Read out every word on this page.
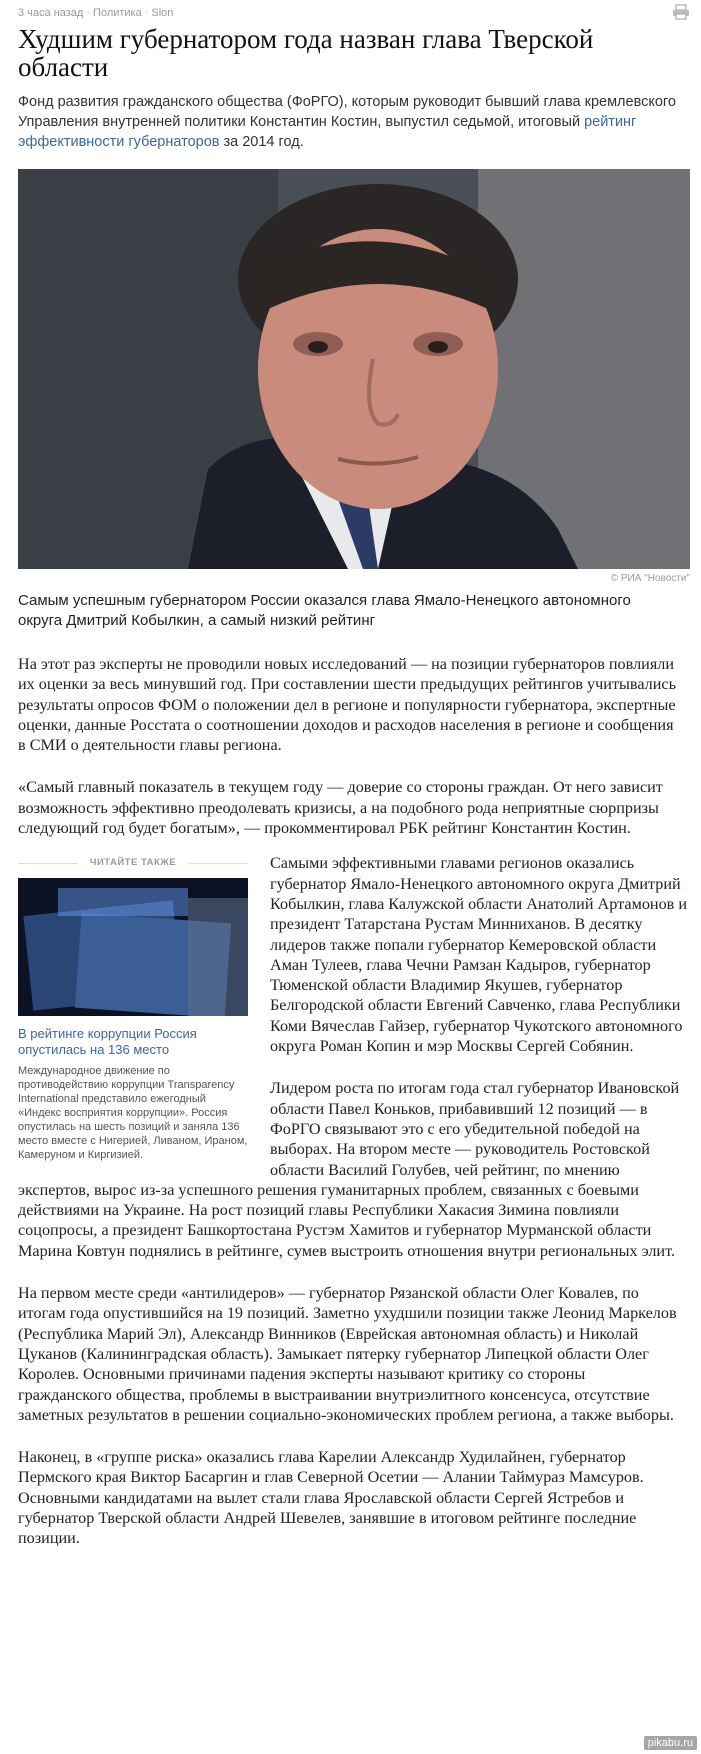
3 часа назад · Политика · Slon
Худшим губернатором года назван глава Тверской области
Фонд развития гражданского общества (ФоРГО), которым руководит бывший глава кремлевского Управления внутренней политики Константин Костин, выпустил седьмой, итоговый рейтинг эффективности губернаторов за 2014 год.
© РИА "Новости"
Самым успешным губернатором России оказался глава Ямало-Ненецкого автономного округа Дмитрий Кобылкин, а самый низкий рейтинг
На этот раз эксперты не проводили новых исследований — на позиции губернаторов повлияли их оценки за весь минувший год. При составлении шести предыдущих рейтингов учитывались результаты опросов ФОМ о положении дел в регионе и популярности губернатора, экспертные оценки, данные Росстата о соотношении доходов и расходов населения в регионе и сообщения в СМИ о деятельности главы региона.
«Самый главный показатель в текущем году — доверие со стороны граждан. От него зависит возможность эффективно преодолевать кризисы, а на подобного рода неприятные сюрпризы следующий год будет богатым», — прокомментировал РБК рейтинг Константин Костин.
ЧИТАЙТЕ ТАКЖЕ
В рейтинге коррупции Россия опустилась на 136 место
Международное движение по противодействию коррупции Transparency International представило ежегодный «Индекс восприятия коррупции». Россия опустилась на шесть позиций и заняла 136 место вместе с Нигерией, Ливаном, Ираном, Камеруном и Киргизией.
Самыми эффективными главами регионов оказались губернатор Ямало-Ненецкого автономного округа Дмитрий Кобылкин, глава Калужской области Анатолий Артамонов и президент Татарстана Рустам Минниханов. В десятку лидеров также попали губернатор Кемеровской области Аман Тулеев, глава Чечни Рамзан Кадыров, губернатор Тюменской области Владимир Якушев, губернатор Белгородской области Евгений Савченко, глава Республики Коми Вячеслав Гайзер, губернатор Чукотского автономного округа Роман Копин и мэр Москвы Сергей Собянин.
Лидером роста по итогам года стал губернатор Ивановской области Павел Коньков, прибавивший 12 позиций — в ФоРГО связывают это с его убедительной победой на выборах. На втором месте — руководитель Ростовской области Василий Голубев, чей рейтинг, по мнению экспертов, вырос из-за успешного решения гуманитарных проблем, связанных с боевыми действиями на Украине. На рост позиций главы Республики Хакасия Зимина повлияли соцопросы, а президент Башкортостана Рустэм Хамитов и губернатор Мурманской области Марина Ковтун поднялись в рейтинге, сумев выстроить отношения внутри региональных элит.
На первом месте среди «антилидеров» — губернатор Рязанской области Олег Ковалев, по итогам года опустившийся на 19 позиций. Заметно ухудшили позиции также Леонид Маркелов (Республика Марий Эл), Александр Винников (Еврейская автономная область) и Николай Цуканов (Калининградская область). Замыкает пятерку губернатор Липецкой области Олег Королев. Основными причинами падения эксперты называют критику со стороны гражданского общества, проблемы в выстраивании внутриэлитного консенсуса, отсутствие заметных результатов в решении социально-экономических проблем региона, а также выборы.
Наконец, в «группе риска» оказались глава Карелии Александр Худилайнен, губернатор Пермского края Виктор Басаргин и глав Северной Осетии — Алании Таймураз Мамсуров. Основными кандидатами на вылет стали глава Ярославской области Сергей Ястребов и губернатор Тверской области Андрей Шевелев, занявшие в итоговом рейтинге последние позиции.
pikabu.ru
